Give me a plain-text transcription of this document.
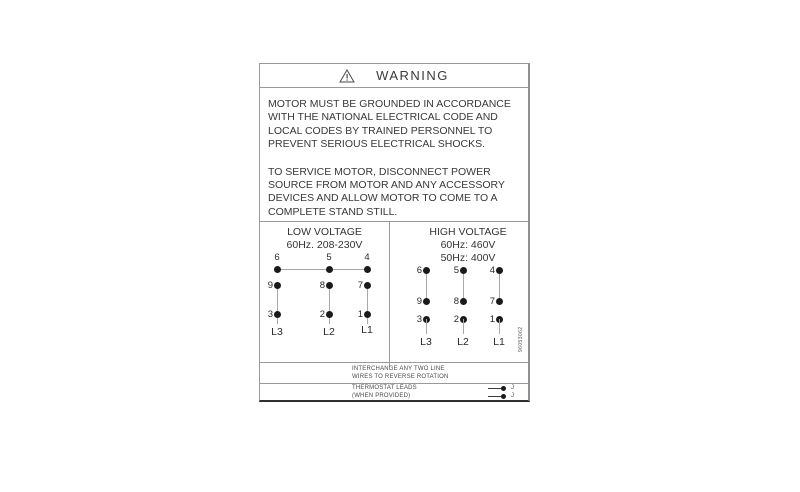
WARNING
MOTOR MUST BE GROUNDED IN ACCORDANCE
WITH THE NATIONAL ELECTRICAL CODE AND
LOCAL CODES BY TRAINED PERSONNEL TO
PREVENT SERIOUS ELECTRICAL SHOCKS.
TO SERVICE MOTOR, DISCONNECT POWER
SOURCE FROM MOTOR AND ANY ACCESSORY
DEVICES AND ALLOW MOTOR TO COME TO A
COMPLETE STAND STILL.
LOW VOLTAGE
60Hz. 208-230V
6	5	4
9	8	7
3	2	1
L3	L2	L1
HIGH VOLTAGE
60Hz: 460V
50Hz: 400V
6	5	4
9	8	7
3	2	1
L3	L2	L1	96053062
INTERCHANGE ANY TWO LINE
WIRES TO REVERSE ROTATION
THERMOSTAT LEADS
(WHEN PROVIDED)
J
J
